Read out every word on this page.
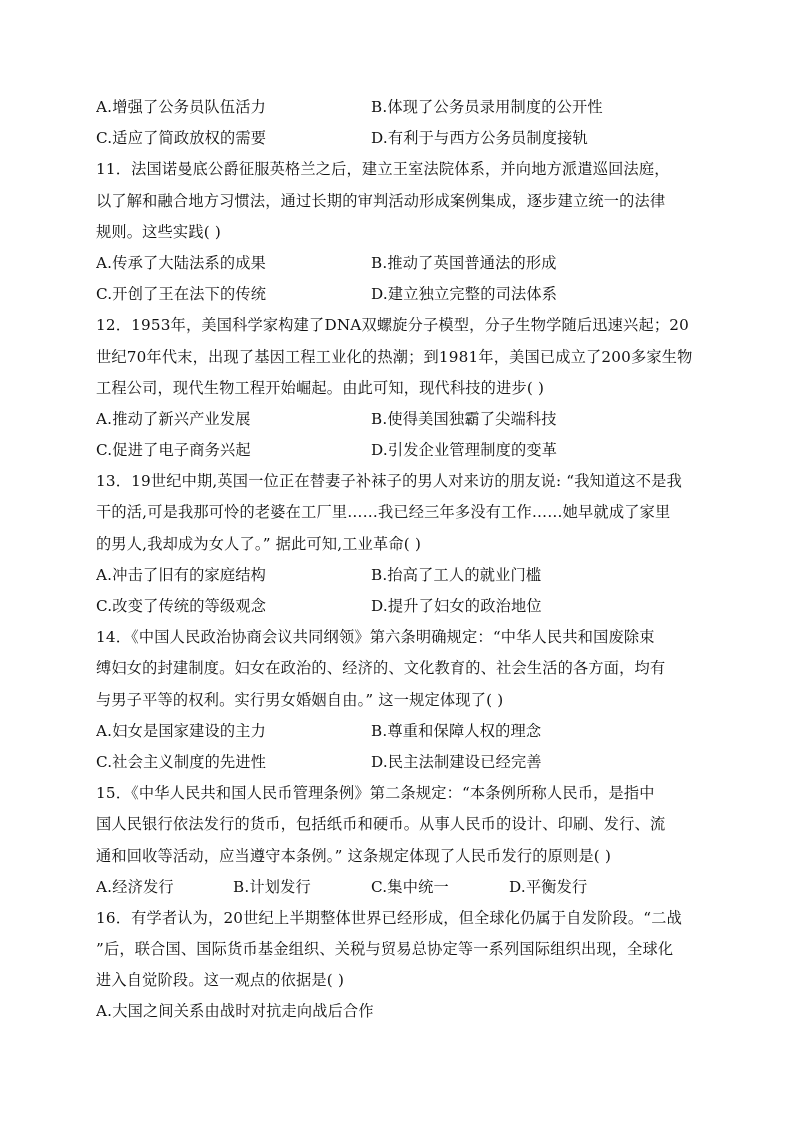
A.增强了公务员队伍活力	B.体现了公务员录用制度的公开性
C.适应了简政放权的需要	D.有利于与西方公务员制度接轨
11．法国诺曼底公爵征服英格兰之后，建立王室法院体系，并向地方派遣巡回法庭，
以了解和融合地方习惯法，通过长期的审判活动形成案例集成，逐步建立统一的法律
规则。这些实践( )
A.传承了大陆法系的成果	B.推动了英国普通法的形成
C.开创了王在法下的传统	D.建立独立完整的司法体系
12．1953年，美国科学家构建了DNA双螺旋分子模型，分子生物学随后迅速兴起；20
世纪70年代末，出现了基因工程工业化的热潮；到1981年，美国已成立了200多家生物
工程公司，现代生物工程开始崛起。由此可知，现代科技的进步( )
A.推动了新兴产业发展	B.使得美国独霸了尖端科技
C.促进了电子商务兴起	D.引发企业管理制度的变革
13．19世纪中期,英国一位正在替妻子补袜子的男人对来访的朋友说: “我知道这不是我
干的活,可是我那可怜的老婆在工厂里……我已经三年多没有工作……她早就成了家里
的男人,我却成为女人了。” 据此可知,工业革命( )
A.冲击了旧有的家庭结构	B.抬高了工人的就业门槛
C.改变了传统的等级观念	D.提升了妇女的政治地位
14．《中国人民政治协商会议共同纲领》第六条明确规定：“中华人民共和国废除束
缚妇女的封建制度。妇女在政治的、经济的、文化教育的、社会生活的各方面，均有
与男子平等的权利。实行男女婚姻自由。” 这一规定体现了( )
A.妇女是国家建设的主力	B.尊重和保障人权的理念
C.社会主义制度的先进性	D.民主法制建设已经完善
15．《中华人民共和国人民币管理条例》第二条规定：“本条例所称人民币，是指中
国人民银行依法发行的货币，包括纸币和硬币。从事人民币的设计、印刷、发行、流
通和回收等活动，应当遵守本条例。” 这条规定体现了人民币发行的原则是( )
A.经济发行	B.计划发行	C.集中统一	D.平衡发行
16．有学者认为，20世纪上半期整体世界已经形成，但全球化仍属于自发阶段。“二战
”后，联合国、国际货币基金组织、关税与贸易总协定等一系列国际组织出现，全球化
进入自觉阶段。这一观点的依据是( )
A.大国之间关系由战时对抗走向战后合作
